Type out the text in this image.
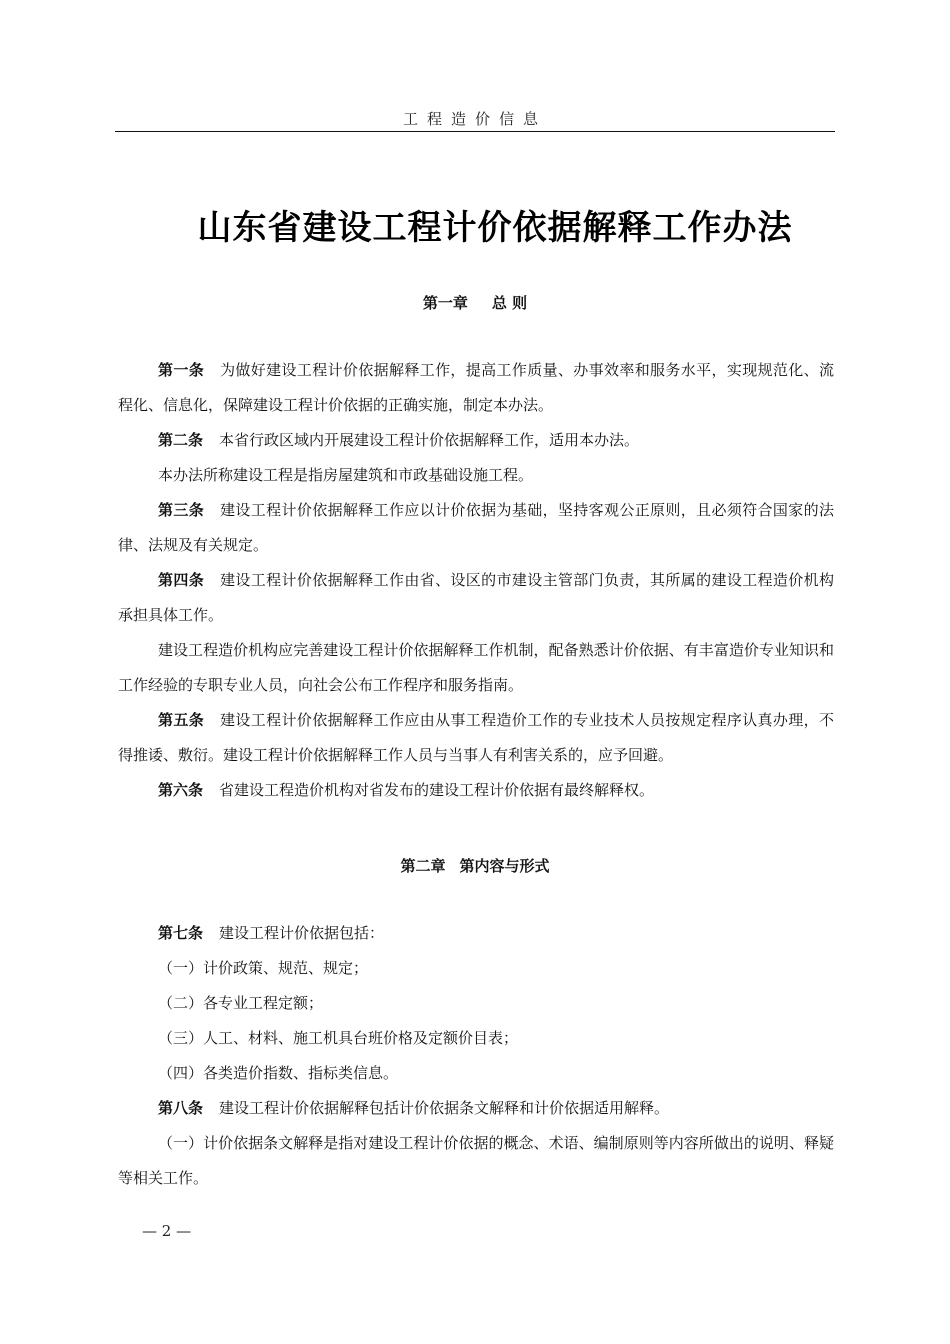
工程造价信息
山东省建设工程计价依据解释工作办法
第一章 总 则

第一条 为做好建设工程计价依据解释工作，提高工作质量、办事效率和服务水平，实现规范化、流程化、信息化，保障建设工程计价依据的正确实施，制定本办法。

第二条 本省行政区域内开展建设工程计价依据解释工作，适用本办法。

本办法所称建设工程是指房屋建筑和市政基础设施工程。

第三条 建设工程计价依据解释工作应以计价依据为基础，坚持客观公正原则，且必须符合国家的法律、法规及有关规定。

第四条 建设工程计价依据解释工作由省、设区的市建设主管部门负责，其所属的建设工程造价机构承担具体工作。

建设工程造价机构应完善建设工程计价依据解释工作机制，配备熟悉计价依据、有丰富造价专业知识和工作经验的专职专业人员，向社会公布工作程序和服务指南。

第五条 建设工程计价依据解释工作应由从事工程造价工作的专业技术人员按规定程序认真办理，不得推诿、敷衍。建设工程计价依据解释工作人员与当事人有利害关系的，应予回避。

第六条 省建设工程造价机构对省发布的建设工程计价依据有最终解释权。

第二章 第内容与形式

第七条 建设工程计价依据包括：

（一）计价政策、规范、规定；

（二）各专业工程定额；

（三）人工、材料、施工机具台班价格及定额价目表；

（四）各类造价指数、指标类信息。

第八条 建设工程计价依据解释包括计价依据条文解释和计价依据适用解释。

（一）计价依据条文解释是指对建设工程计价依据的概念、术语、编制原则等内容所做出的说明、释疑等相关工作。

— 2 —
